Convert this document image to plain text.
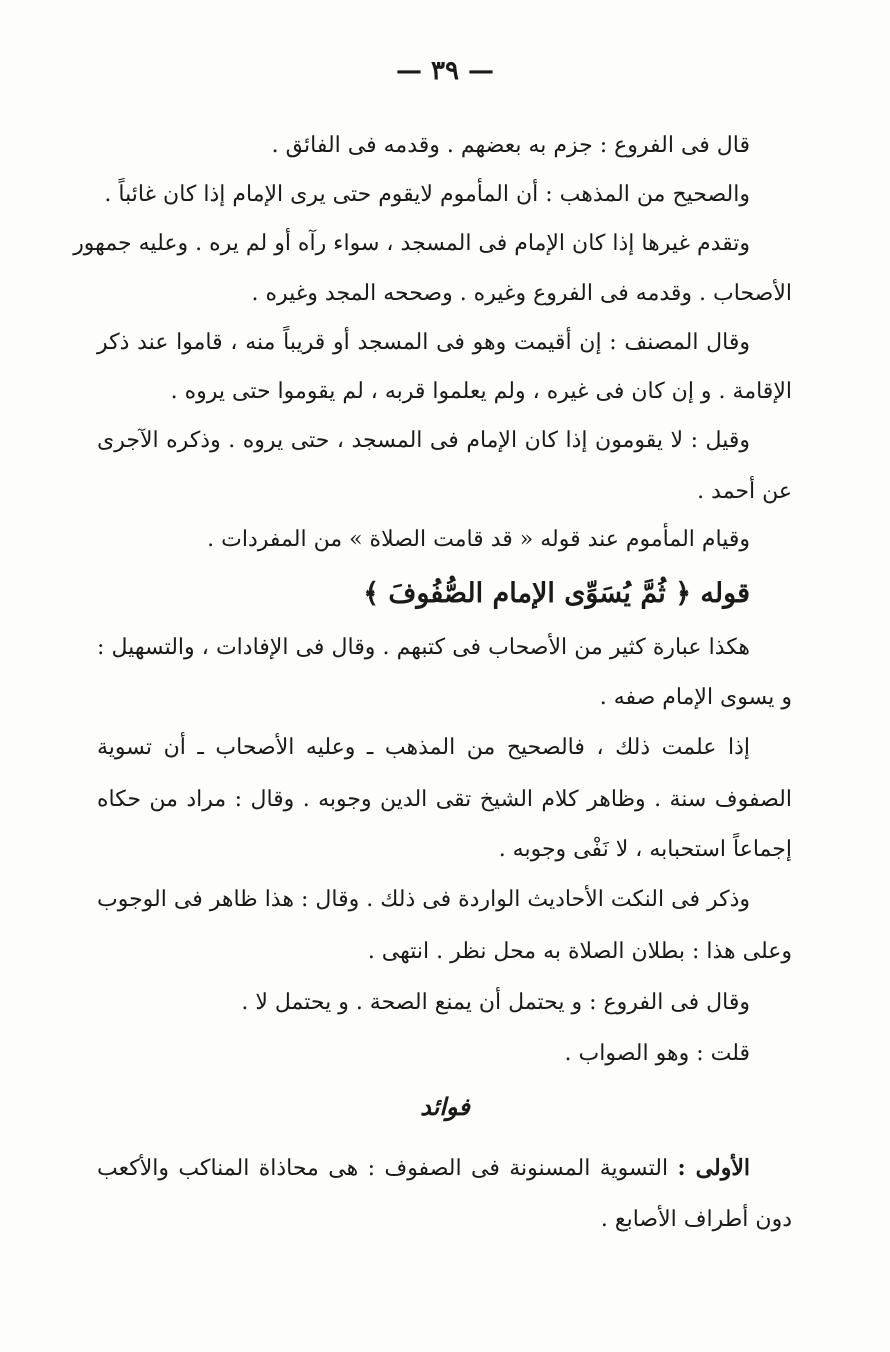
— ٣٩ —
قال فى الفروع : جزم به بعضهم . وقدمه فى الفائق .
والصحيح من المذهب : أن المأموم لايقوم حتى يرى الإمام إذا كان غائباً .
وتقدم غيرها إذا كان الإمام فى المسجد ، سواء رآه أو لم يره . وعليه جمهور
الأصحاب . وقدمه فى الفروع وغيره . وصححه المجد وغيره .
وقال المصنف : إن أقيمت وهو فى المسجد أو قريباً منه ، قاموا عند ذكر
الإقامة . و إن كان فى غيره ، ولم يعلموا قربه ، لم يقوموا حتى يروه .
وقيل : لا يقومون إذا كان الإمام فى المسجد ، حتى يروه . وذكره الآجرى
عن أحمد .
وقيام المأموم عند قوله « قد قامت الصلاة » من المفردات .
قوله ﴿ ثُمَّ يُسَوِّى الإمام الصُّفُوفَ ﴾
هكذا عبارة كثير من الأصحاب فى كتبهم . وقال فى الإفادات ، والتسهيل :
و يسوى الإمام صفه .
إذا علمت ذلك ، فالصحيح من المذهب ـ وعليه الأصحاب ـ أن تسوية
الصفوف سنة . وظاهر كلام الشيخ تقى الدين وجوبه . وقال : مراد من حكاه
إجماعاً استحبابه ، لا نَفْى وجوبه .
وذكر فى النكت الأحاديث الواردة فى ذلك . وقال : هذا ظاهر فى الوجوب
وعلى هذا : بطلان الصلاة به محل نظر . انتهى .
وقال فى الفروع : و يحتمل أن يمنع الصحة . و يحتمل لا .
قلت : وهو الصواب .
فوائد
الأولى : التسوية المسنونة فى الصفوف : هى محاذاة المناكب والأكعب
دون أطراف الأصابع .
